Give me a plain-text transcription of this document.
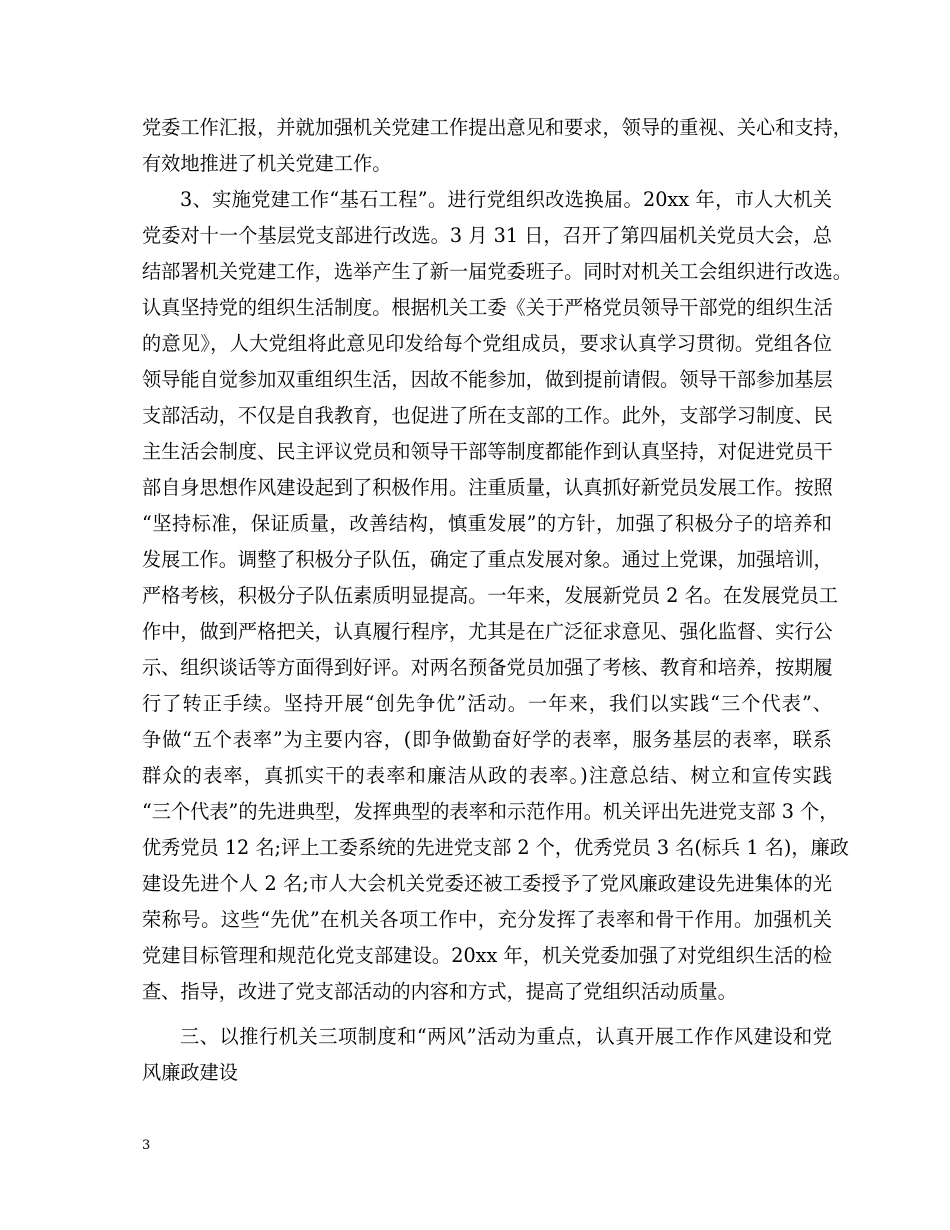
党委工作汇报，并就加强机关党建工作提出意见和要求，领导的重视、关心和支持，
有效地推进了机关党建工作。
3、实施党建工作“基石工程”。进行党组织改选换届。20xx 年，市人大机关
党委对十一个基层党支部进行改选。3 月 31 日，召开了第四届机关党员大会，总
结部署机关党建工作，选举产生了新一届党委班子。同时对机关工会组织进行改选。
认真坚持党的组织生活制度。根据机关工委《关于严格党员领导干部党的组织生活
的意见》，人大党组将此意见印发给每个党组成员，要求认真学习贯彻。党组各位
领导能自觉参加双重组织生活，因故不能参加，做到提前请假。领导干部参加基层
支部活动，不仅是自我教育，也促进了所在支部的工作。此外，支部学习制度、民
主生活会制度、民主评议党员和领导干部等制度都能作到认真坚持，对促进党员干
部自身思想作风建设起到了积极作用。注重质量，认真抓好新党员发展工作。按照
“坚持标准，保证质量，改善结构，慎重发展”的方针，加强了积极分子的培养和
发展工作。调整了积极分子队伍，确定了重点发展对象。通过上党课，加强培训，
严格考核，积极分子队伍素质明显提高。一年来，发展新党员 2 名。在发展党员工
作中，做到严格把关，认真履行程序，尤其是在广泛征求意见、强化监督、实行公
示、组织谈话等方面得到好评。对两名预备党员加强了考核、教育和培养，按期履
行了转正手续。坚持开展“创先争优”活动。一年来，我们以实践“三个代表”、
争做“五个表率”为主要内容，(即争做勤奋好学的表率，服务基层的表率，联系
群众的表率，真抓实干的表率和廉洁从政的表率。)注意总结、树立和宣传实践
“三个代表”的先进典型，发挥典型的表率和示范作用。机关评出先进党支部 3 个，
优秀党员 12 名;评上工委系统的先进党支部 2 个，优秀党员 3 名(标兵 1 名)，廉政
建设先进个人 2 名;市人大会机关党委还被工委授予了党风廉政建设先进集体的光
荣称号。这些“先优”在机关各项工作中，充分发挥了表率和骨干作用。加强机关
党建目标管理和规范化党支部建设。20xx 年，机关党委加强了对党组织生活的检
查、指导，改进了党支部活动的内容和方式，提高了党组织活动质量。
三、以推行机关三项制度和“两风”活动为重点，认真开展工作作风建设和党
风廉政建设
3
